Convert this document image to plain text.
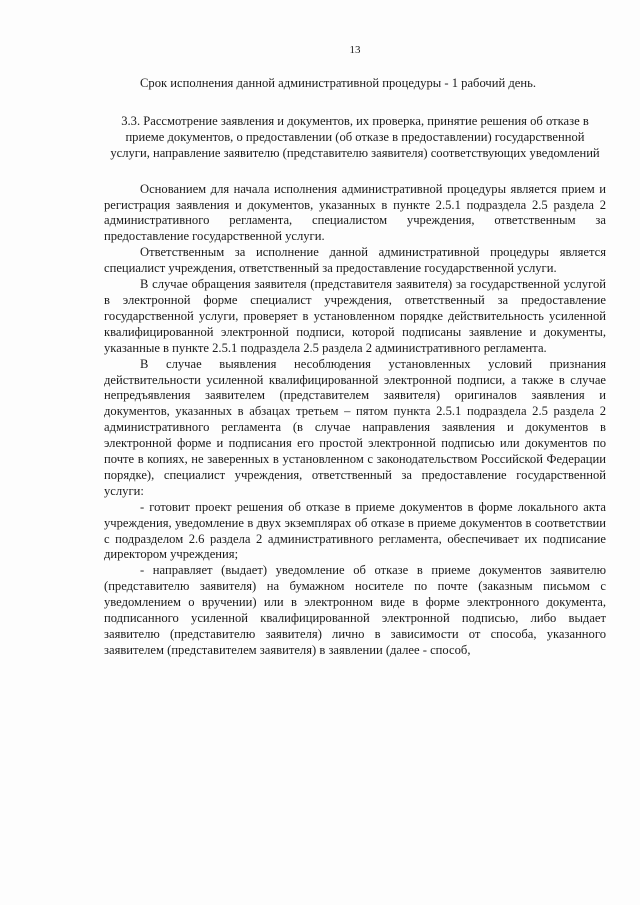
13

Срок исполнения данной административной процедуры - 1 рабочий день.

3.3. Рассмотрение заявления и документов, их проверка, принятие решения об отказе в приеме документов, о предоставлении (об отказе в предоставлении) государственной услуги, направление заявителю (представителю заявителя) соответствующих уведомлений

Основанием для начала исполнения административной процедуры является прием и регистрация заявления и документов, указанных в пункте 2.5.1 подраздела 2.5 раздела 2 административного регламента, специалистом учреждения, ответственным за предоставление государственной услуги.

Ответственным за исполнение данной административной процедуры является специалист учреждения, ответственный за предоставление государственной услуги.

В случае обращения заявителя (представителя заявителя) за государственной услугой в электронной форме специалист учреждения, ответственный за предоставление государственной услуги, проверяет в установленном порядке действительность усиленной квалифицированной электронной подписи, которой подписаны заявление и документы, указанные в пункте 2.5.1 подраздела 2.5 раздела 2 административного регламента.

В случае выявления несоблюдения установленных условий признания действительности усиленной квалифицированной электронной подписи, а также в случае непредъявления заявителем (представителем заявителя) оригиналов заявления и документов, указанных в абзацах третьем – пятом пункта 2.5.1 подраздела 2.5 раздела 2 административного регламента (в случае направления заявления и документов в электронной форме и подписания его простой электронной подписью или документов по почте в копиях, не заверенных в установленном с законодательством Российской Федерации порядке), специалист учреждения, ответственный за предоставление государственной услуги:

- готовит проект решения об отказе в приеме документов в форме локального акта учреждения, уведомление в двух экземплярах об отказе в приеме документов в соответствии с подразделом 2.6 раздела 2 административного регламента, обеспечивает их подписание директором учреждения;

- направляет (выдает) уведомление об отказе в приеме документов заявителю (представителю заявителя) на бумажном носителе по почте (заказным письмом с уведомлением о вручении) или в электронном виде в форме электронного документа, подписанного усиленной квалифицированной электронной подписью, либо выдает заявителю (представителю заявителя) лично в зависимости от способа, указанного заявителем (представителем заявителя) в заявлении (далее - способ,
